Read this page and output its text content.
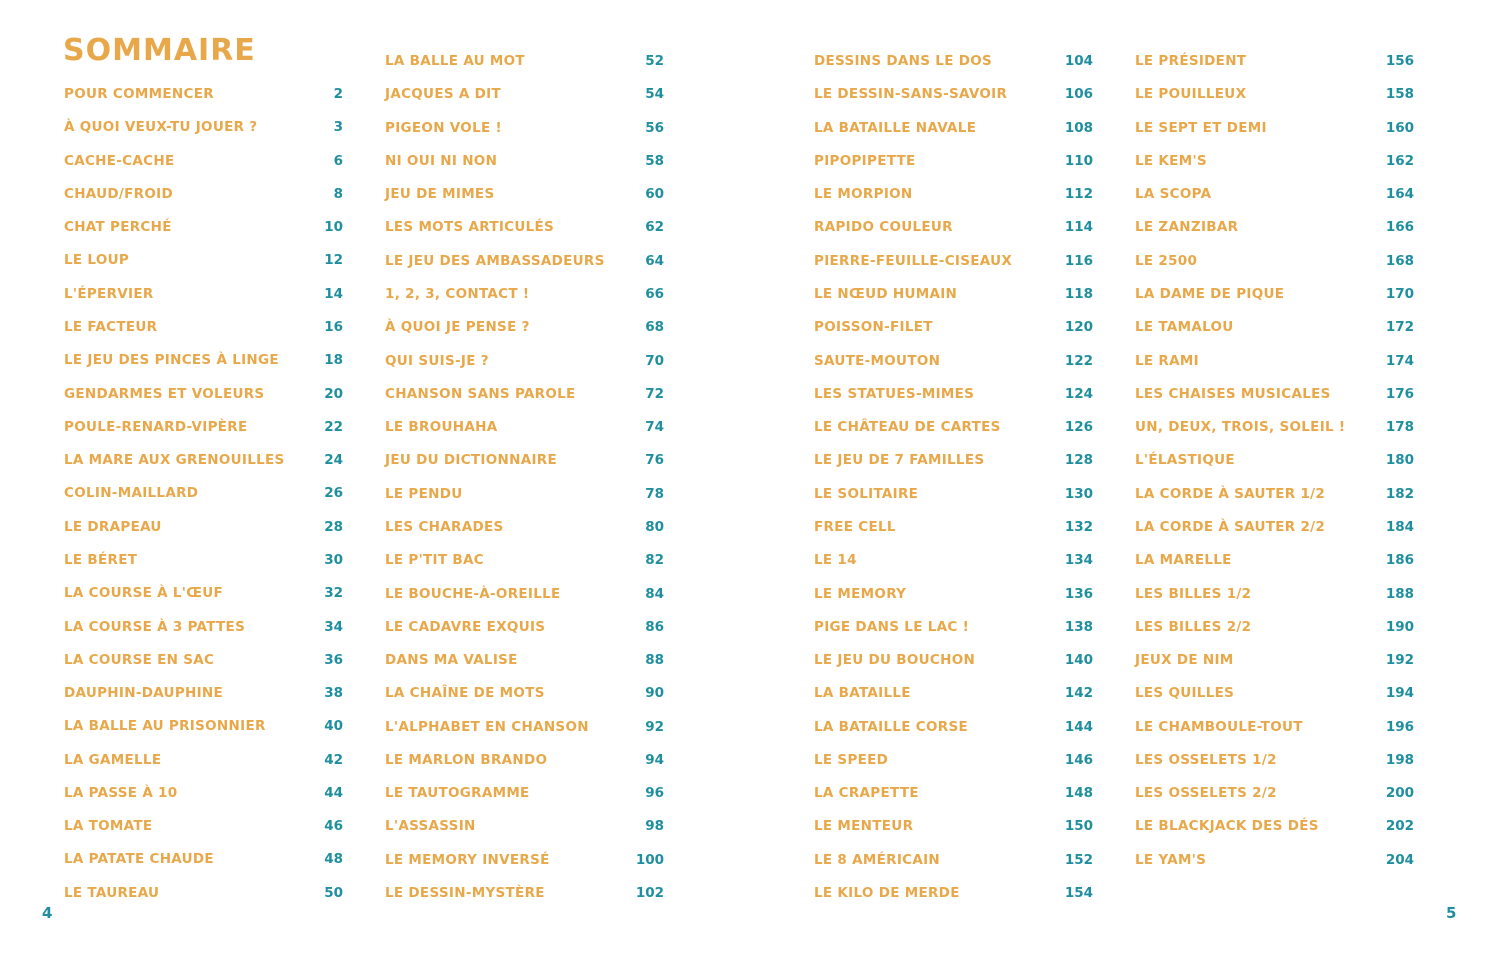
SOMMAIRE
POUR COMMENCER	2
À QUOI VEUX-TU JOUER ?	3
CACHE-CACHE	6
CHAUD/FROID	8
CHAT PERCHÉ	10
LE LOUP	12
L'ÉPERVIER	14
LE FACTEUR	16
LE JEU DES PINCES À LINGE	18
GENDARMES ET VOLEURS	20
POULE-RENARD-VIPÈRE	22
LA MARE AUX GRENOUILLES	24
COLIN-MAILLARD	26
LE DRAPEAU	28
LE BÉRET	30
LA COURSE À L'ŒUF	32
LA COURSE À 3 PATTES	34
LA COURSE EN SAC	36
DAUPHIN-DAUPHINE	38
LA BALLE AU PRISONNIER	40
LA GAMELLE	42
LA PASSE À 10	44
LA TOMATE	46
LA PATATE CHAUDE	48
LE TAUREAU	50
LA BALLE AU MOT	52
JACQUES A DIT	54
PIGEON VOLE !	56
NI OUI NI NON	58
JEU DE MIMES	60
LES MOTS ARTICULÉS	62
LE JEU DES AMBASSADEURS	64
1, 2, 3, CONTACT !	66
À QUOI JE PENSE ?	68
QUI SUIS-JE ?	70
CHANSON SANS PAROLE	72
LE BROUHAHA	74
JEU DU DICTIONNAIRE	76
LE PENDU	78
LES CHARADES	80
LE P'TIT BAC	82
LE BOUCHE-À-OREILLE	84
LE CADAVRE EXQUIS	86
DANS MA VALISE	88
LA CHAÎNE DE MOTS	90
L'ALPHABET EN CHANSON	92
LE MARLON BRANDO	94
LE TAUTOGRAMME	96
L'ASSASSIN	98
LE MEMORY INVERSÉ	100
LE DESSIN-MYSTÈRE	102
DESSINS DANS LE DOS	104
LE DESSIN-SANS-SAVOIR	106
LA BATAILLE NAVALE	108
PIPOPIPETTE	110
LE MORPION	112
RAPIDO COULEUR	114
PIERRE-FEUILLE-CISEAUX	116
LE NŒUD HUMAIN	118
POISSON-FILET	120
SAUTE-MOUTON	122
LES STATUES-MIMES	124
LE CHÂTEAU DE CARTES	126
LE JEU DE 7 FAMILLES	128
LE SOLITAIRE	130
FREE CELL	132
LE 14	134
LE MEMORY	136
PIGE DANS LE LAC !	138
LE JEU DU BOUCHON	140
LA BATAILLE	142
LA BATAILLE CORSE	144
LE SPEED	146
LA CRAPETTE	148
LE MENTEUR	150
LE 8 AMÉRICAIN	152
LE KILO DE MERDE	154
LE PRÉSIDENT	156
LE POUILLEUX	158
LE SEPT ET DEMI	160
LE KEM'S	162
LA SCOPA	164
LE ZANZIBAR	166
LE 2500	168
LA DAME DE PIQUE	170
LE TAMALOU	172
LE RAMI	174
LES CHAISES MUSICALES	176
UN, DEUX, TROIS, SOLEIL !	178
L'ÉLASTIQUE	180
LA CORDE À SAUTER 1/2	182
LA CORDE À SAUTER 2/2	184
LA MARELLE	186
LES BILLES 1/2	188
LES BILLES 2/2	190
JEUX DE NIM	192
LES QUILLES	194
LE CHAMBOULE-TOUT	196
LES OSSELETS 1/2	198
LES OSSELETS 2/2	200
LE BLACKJACK DES DÉS	202
LE YAM'S	204
4	5
